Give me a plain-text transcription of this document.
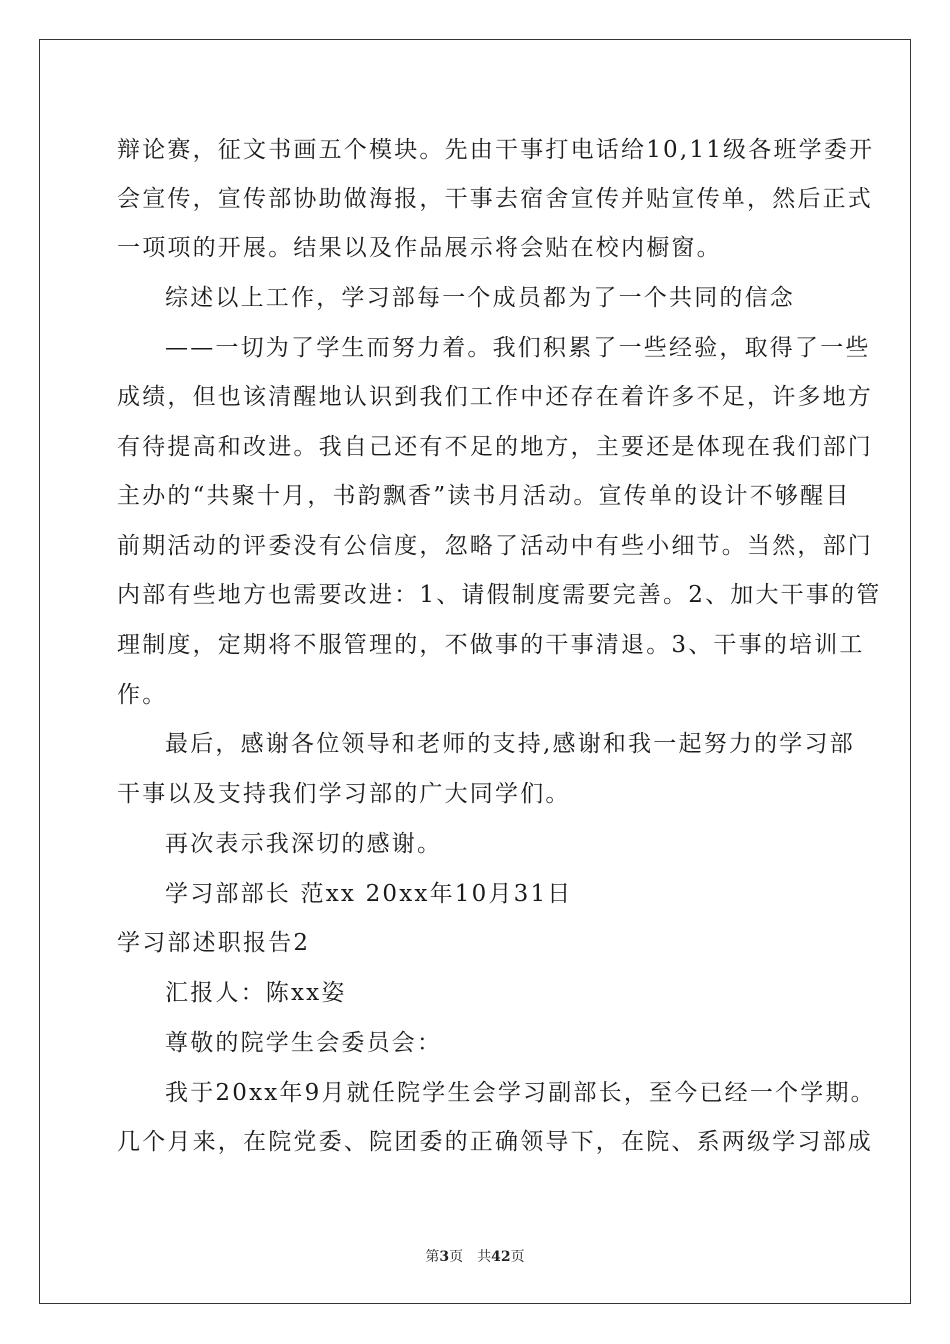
辩论赛，征文书画五个模块。先由干事打电话给10,11级各班学委开
会宣传，宣传部协助做海报，干事去宿舍宣传并贴宣传单，然后正式
一项项的开展。结果以及作品展示将会贴在校内橱窗。
综述以上工作，学习部每一个成员都为了一个共同的信念
——一切为了学生而努力着。我们积累了一些经验，取得了一些
成绩，但也该清醒地认识到我们工作中还存在着许多不足，许多地方
有待提高和改进。我自己还有不足的地方，主要还是体现在我们部门
主办的“共聚十月，书韵飘香”读书月活动。宣传单的设计不够醒目
前期活动的评委没有公信度，忽略了活动中有些小细节。当然，部门
内部有些地方也需要改进：1、请假制度需要完善。2、加大干事的管
理制度，定期将不服管理的，不做事的干事清退。3、干事的培训工
作。
最后，感谢各位领导和老师的支持,感谢和我一起努力的学习部
干事以及支持我们学习部的广大同学们。
再次表示我深切的感谢。
学习部部长 范xx 20xx年10月31日
学习部述职报告2
汇报人：陈xx姿
尊敬的院学生会委员会：
我于20xx年9月就任院学生会学习副部长，至今已经一个学期。
几个月来，在院党委、院团委的正确领导下，在院、系两级学习部成
第3页 共42页
